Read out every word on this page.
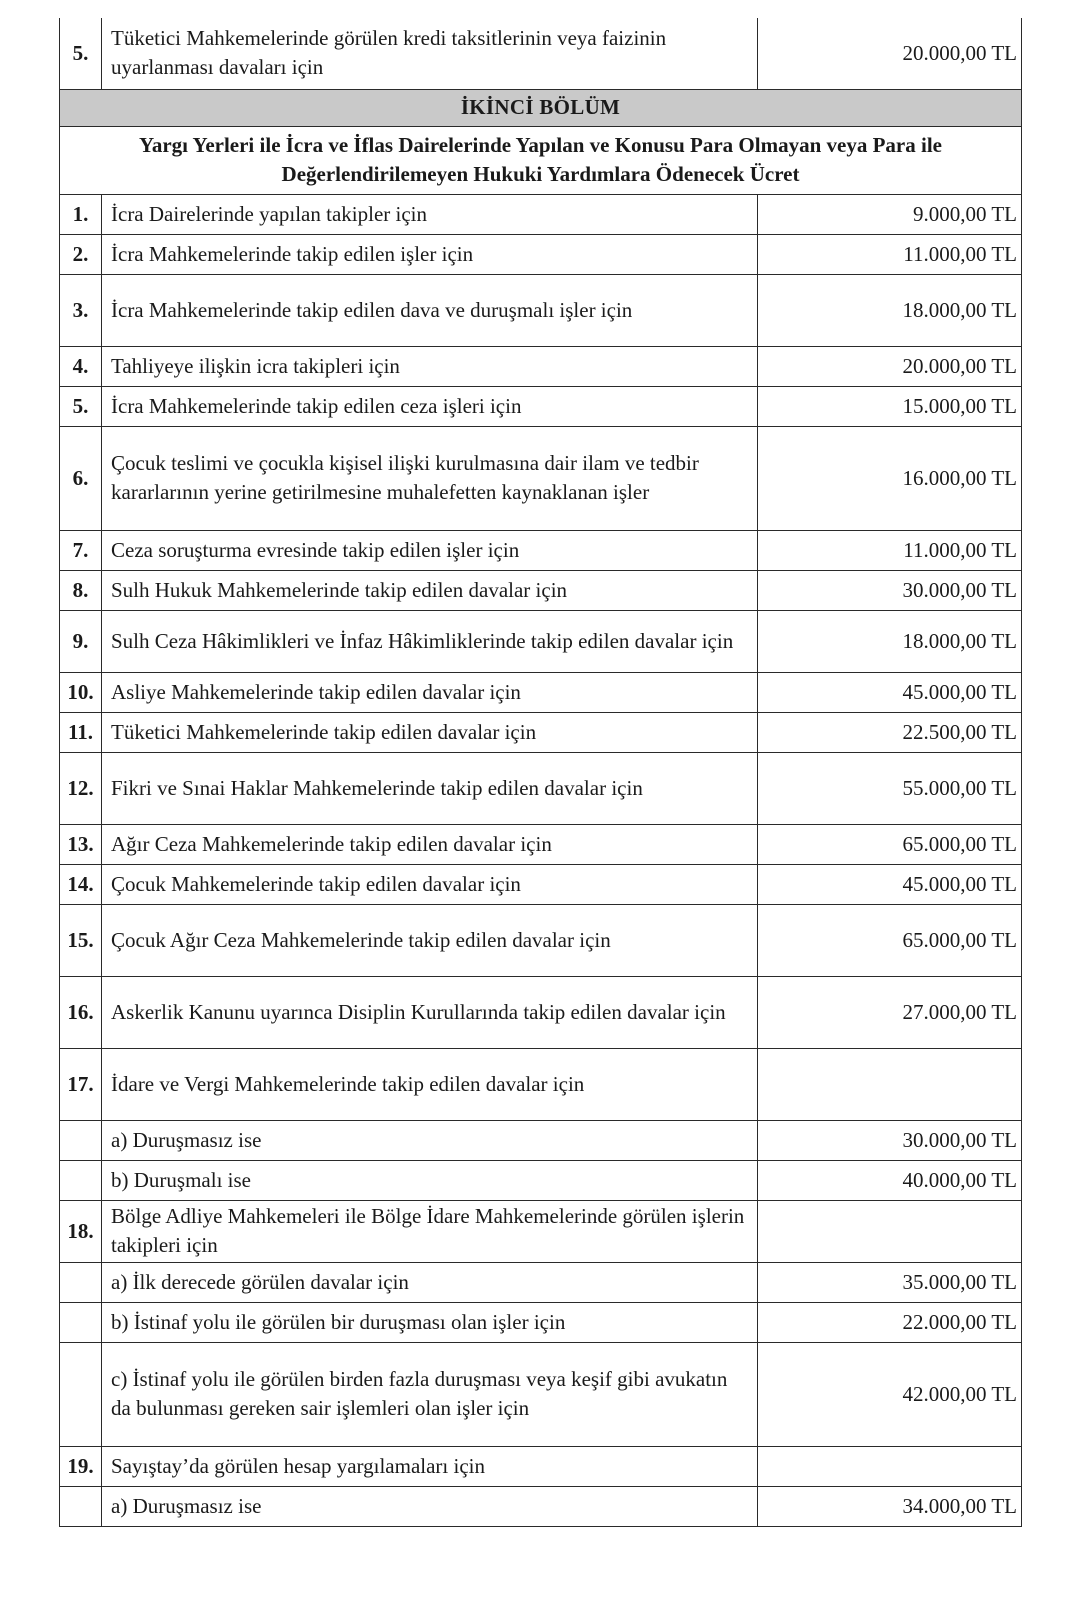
5.	Tüketici Mahkemelerinde görülen kredi taksitlerinin veya faizinin uyarlanması davaları için	20.000,00 TL
İKİNCİ BÖLÜM		

Yargı Yerleri ile İcra ve İflas Dairelerinde Yapılan ve Konusu Para Olmayan veya Para ile
Değerlendirilemeyen Hukuki Yardımlara Ödenecek Ücret		

1.	İcra Dairelerinde yapılan takipler için	9.000,00 TL
2.	İcra Mahkemelerinde takip edilen işler için	11.000,00 TL
3.	İcra Mahkemelerinde takip edilen dava ve duruşmalı işler için	18.000,00 TL
4.	Tahliyeye ilişkin icra takipleri için	20.000,00 TL
5.	İcra Mahkemelerinde takip edilen ceza işleri için	15.000,00 TL
6.	Çocuk teslimi ve çocukla kişisel ilişki kurulmasına dair ilam ve tedbir kararlarının yerine getirilmesine muhalefetten kaynaklanan işler	16.000,00 TL
7.	Ceza soruşturma evresinde takip edilen işler için	11.000,00 TL
8.	Sulh Hukuk Mahkemelerinde takip edilen davalar için	30.000,00 TL
9.	Sulh Ceza Hâkimlikleri ve İnfaz Hâkimliklerinde takip edilen davalar için	18.000,00 TL
10.	Asliye Mahkemelerinde takip edilen davalar için	45.000,00 TL
11.	Tüketici Mahkemelerinde takip edilen davalar için	22.500,00 TL
12.	Fikri ve Sınai Haklar Mahkemelerinde takip edilen davalar için	55.000,00 TL
13.	Ağır Ceza Mahkemelerinde takip edilen davalar için	65.000,00 TL
14.	Çocuk Mahkemelerinde takip edilen davalar için	45.000,00 TL
15.	Çocuk Ağır Ceza Mahkemelerinde takip edilen davalar için	65.000,00 TL
16.	Askerlik Kanunu uyarınca Disiplin Kurullarında takip edilen davalar için	27.000,00 TL
17.	İdare ve Vergi Mahkemelerinde takip edilen davalar için	
	a) Duruşmasız ise	30.000,00 TL
	b) Duruşmalı ise	40.000,00 TL
18.	Bölge Adliye Mahkemeleri ile Bölge İdare Mahkemelerinde görülen işlerin takipleri için	
	a) İlk derecede görülen davalar için	35.000,00 TL
	b) İstinaf yolu ile görülen bir duruşması olan işler için	22.000,00 TL
	c) İstinaf yolu ile görülen birden fazla duruşması veya keşif gibi avukatın da bulunması gereken sair işlemleri olan işler için	42.000,00 TL
19.	Sayıştay’da görülen hesap yargılamaları için	
	a) Duruşmasız ise	34.000,00 TL
